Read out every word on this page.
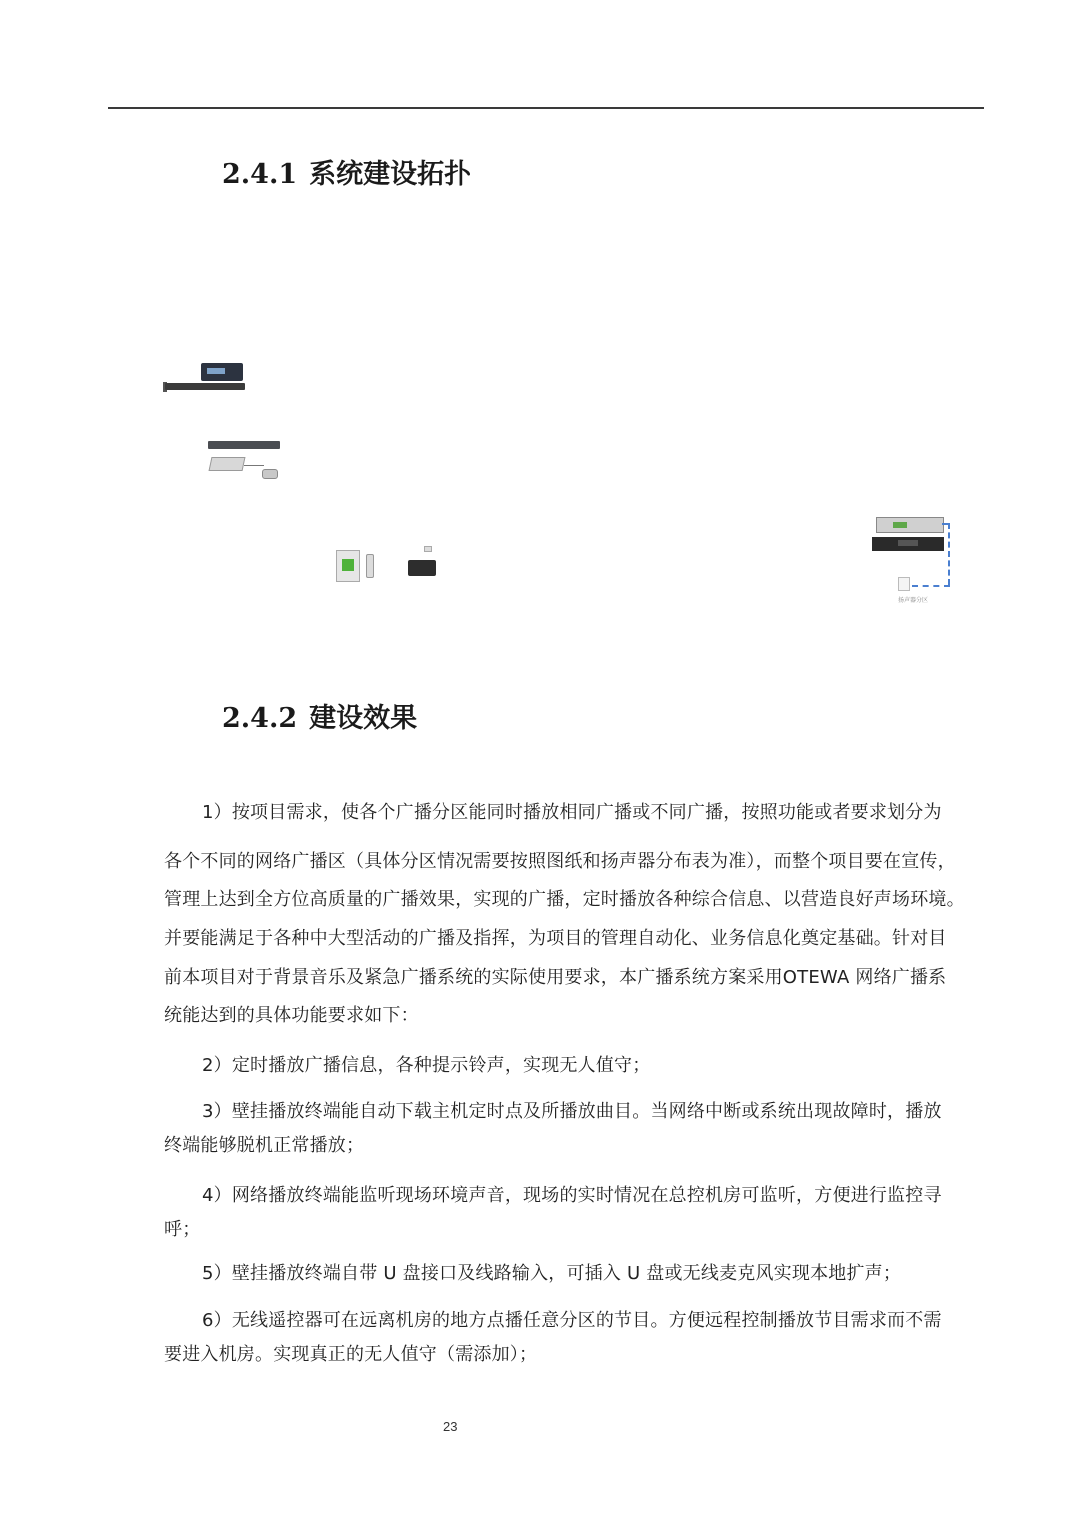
2.4.1 系统建设拓扑
扬声器分区
2.4.2 建设效果
1）按项目需求，使各个广播分区能同时播放相同广播或不同广播，按照功能或者要求划分为
各个不同的网络广播区（具体分区情况需要按照图纸和扬声器分布表为准），而整个项目要在宣传，
管理上达到全方位高质量的广播效果，实现的广播，定时播放各种综合信息、以营造良好声场环境。
并要能满足于各种中大型活动的广播及指挥，为项目的管理自动化、业务信息化奠定基础。针对目
前本项目对于背景音乐及紧急广播系统的实际使用要求，本广播系统方案采用OTEWA 网络广播系
统能达到的具体功能要求如下：
2）定时播放广播信息，各种提示铃声，实现无人值守；
3）壁挂播放终端能自动下载主机定时点及所播放曲目。当网络中断或系统出现故障时，播放
终端能够脱机正常播放；
4）网络播放终端能监听现场环境声音，现场的实时情况在总控机房可监听，方便进行监控寻
呼；
5）壁挂播放终端自带 U 盘接口及线路输入，可插入 U 盘或无线麦克风实现本地扩声；
6）无线遥控器可在远离机房的地方点播任意分区的节目。方便远程控制播放节目需求而不需
要进入机房。实现真正的无人值守（需添加）；
23
